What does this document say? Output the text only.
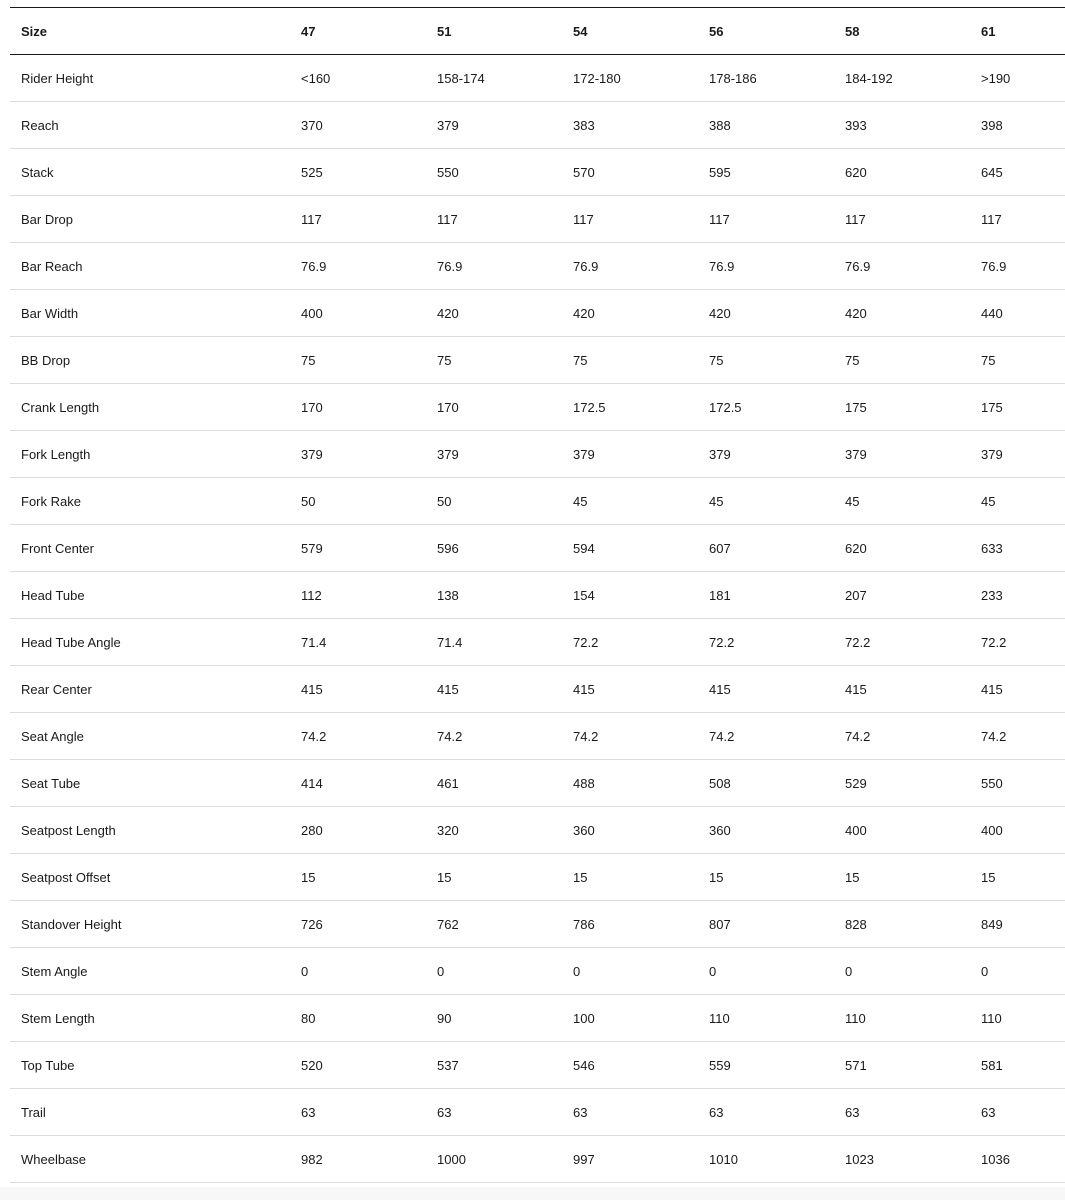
Size	47	51	54	56	58	61
Rider Height	<160	158-174	172-180	178-186	184-192	>190
Reach	370	379	383	388	393	398
Stack	525	550	570	595	620	645
Bar Drop	117	117	117	117	117	117
Bar Reach	76.9	76.9	76.9	76.9	76.9	76.9
Bar Width	400	420	420	420	420	440
BB Drop	75	75	75	75	75	75
Crank Length	170	170	172.5	172.5	175	175
Fork Length	379	379	379	379	379	379
Fork Rake	50	50	45	45	45	45
Front Center	579	596	594	607	620	633
Head Tube	112	138	154	181	207	233
Head Tube Angle	71.4	71.4	72.2	72.2	72.2	72.2
Rear Center	415	415	415	415	415	415
Seat Angle	74.2	74.2	74.2	74.2	74.2	74.2
Seat Tube	414	461	488	508	529	550
Seatpost Length	280	320	360	360	400	400
Seatpost Offset	15	15	15	15	15	15
Standover Height	726	762	786	807	828	849
Stem Angle	0	0	0	0	0	0
Stem Length	80	90	100	110	110	110
Top Tube	520	537	546	559	571	581
Trail	63	63	63	63	63	63
Wheelbase	982	1000	997	1010	1023	1036
